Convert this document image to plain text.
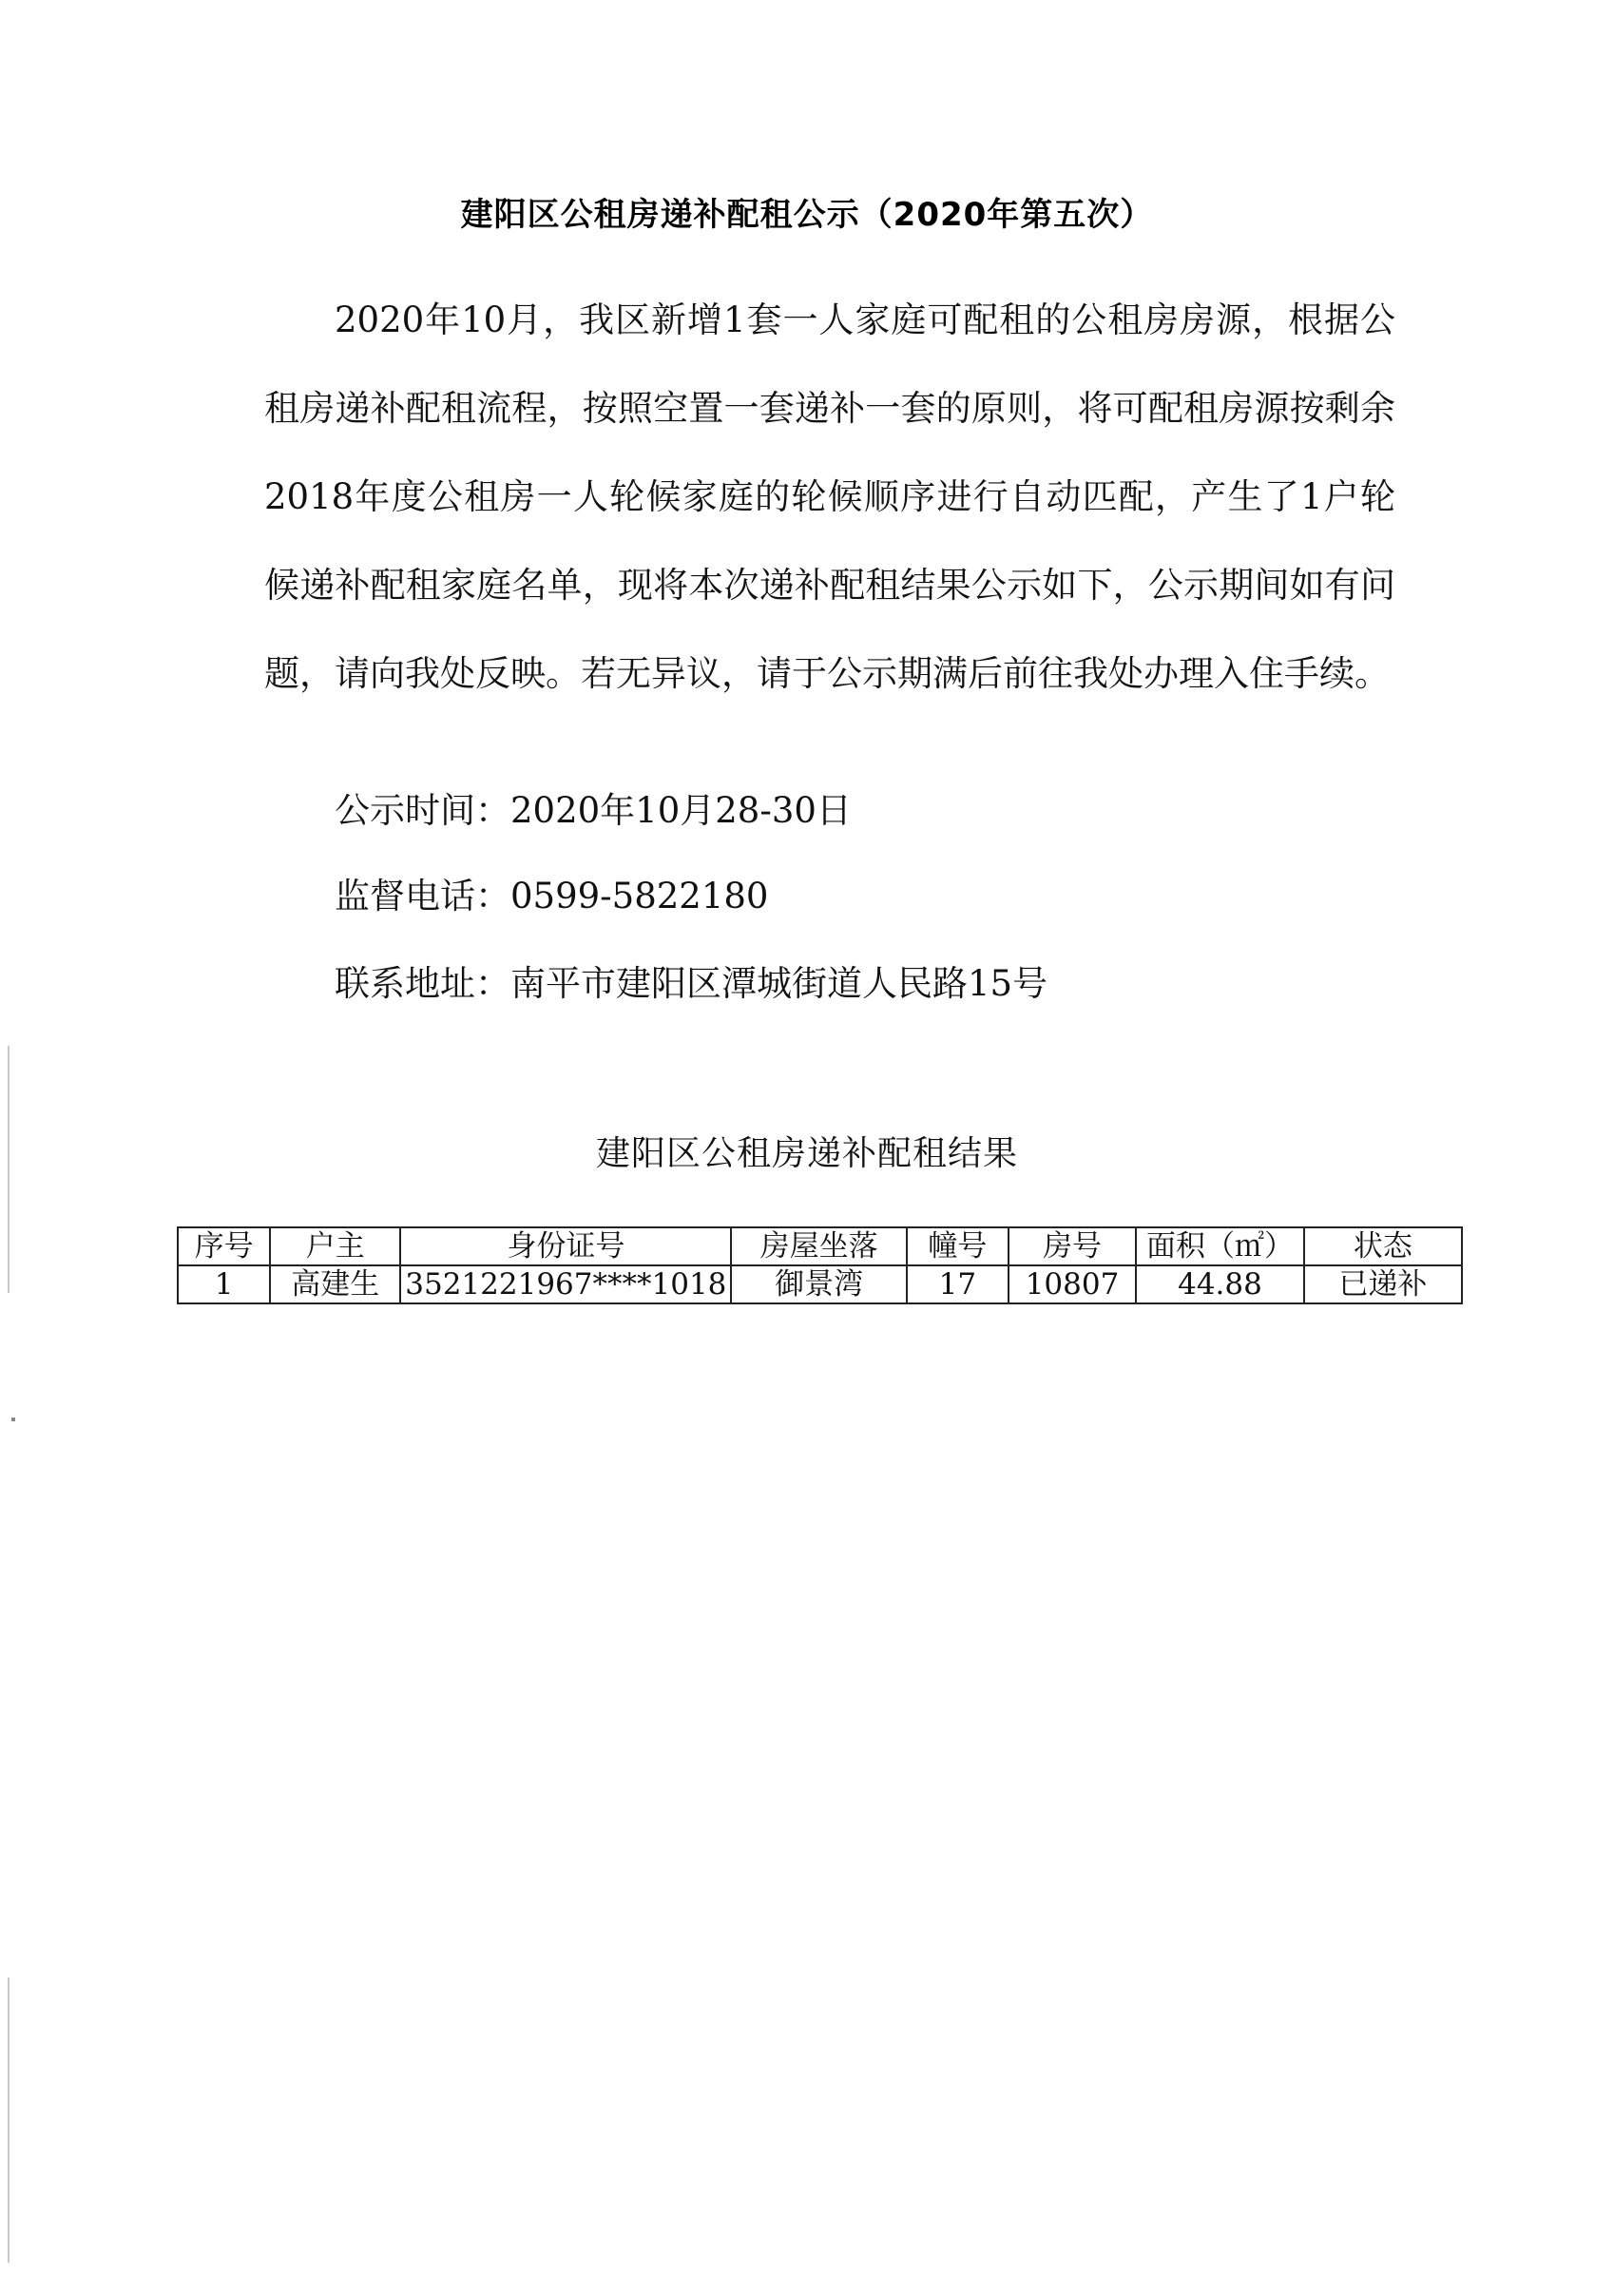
建阳区公租房递补配租公示（2020年第五次）

2020年10月，我区新增1套一人家庭可配租的公租房房源，根据公租房递补配租流程，按照空置一套递补一套的原则，将可配租房源按剩余2018年度公租房一人轮候家庭的轮候顺序进行自动匹配，产生了1户轮候递补配租家庭名单，现将本次递补配租结果公示如下，公示期间如有问题，请向我处反映。若无异议，请于公示期满后前往我处办理入住手续。

公示时间：2020年10月28-30日
监督电话：0599-5822180
联系地址：南平市建阳区潭城街道人民路15号
建阳区公租房递补配租结果
序号	户主	身份证号	房屋坐落	幢号	房号	面积（㎡）	状态
1	高建生	3521221967****1018	御景湾	17	10807	44.88	已递补
